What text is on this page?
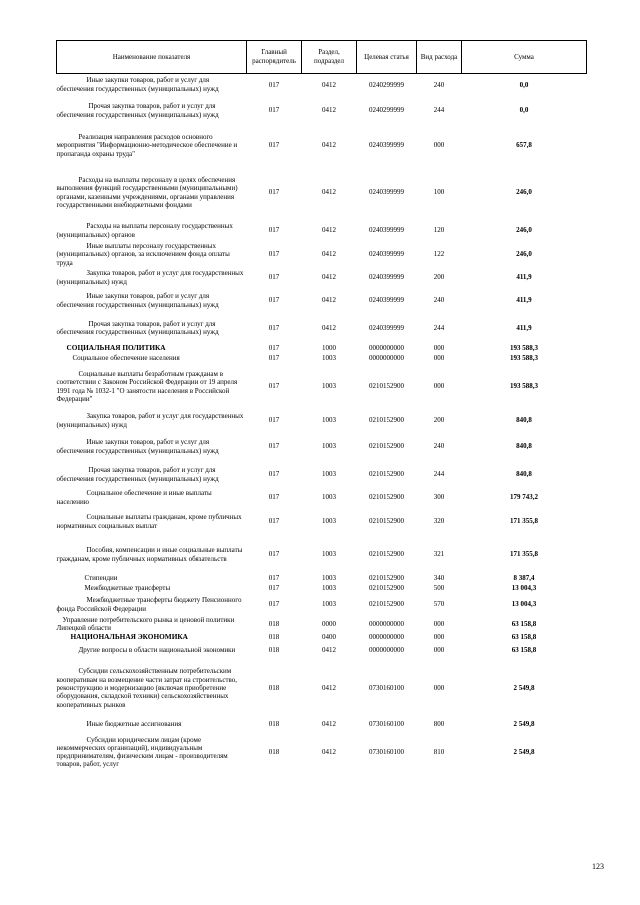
Наименование показателя	Главный распорядитель	Раздел, подраздел	Целевая статья	Вид расхода	Сумма

Иные закупки товаров, работ и услуг для обеспечения государственных (муниципальных) нужд	017	0412	0240299999	240	0,0

Прочая закупка товаров, работ и услуг для обеспечения государственных (муниципальных) нужд	017	0412	0240299999	244	0,0

Реализация направления расходов основного мероприятия "Информационно-методическое обеспечение и пропаганда охраны труда"	017	0412	0240399999	000	657,8

Расходы на выплаты персоналу в целях обеспечения выполнения функций государственными (муниципальными) органами, казенными учреждениями, органами управления государственными внебюджетными фондами	017	0412	0240399999	100	246,0

Расходы на выплаты персоналу государственных (муниципальных) органов	017	0412	0240399999	120	246,0

Иные выплаты персоналу государственных (муниципальных) органов, за исключением фонда оплаты труда	017	0412	0240399999	122	246,0

Закупка товаров, работ и услуг для государственных (муниципальных) нужд	017	0412	0240399999	200	411,9

Иные закупки товаров, работ и услуг для обеспечения государственных (муниципальных) нужд	017	0412	0240399999	240	411,9

Прочая закупка товаров, работ и услуг для обеспечения государственных (муниципальных) нужд	017	0412	0240399999	244	411,9

СОЦИАЛЬНАЯ ПОЛИТИКА	017	1000	0000000000	000	193 588,3

Социальное обеспечение населения	017	1003	0000000000	000	193 588,3

Социальные выплаты безработным гражданам в соответствии с Законом Российской Федерации от 19 апреля 1991 года № 1032-1 "О занятости населения в Российской Федерации"	017	1003	0210152900	000	193 588,3

Закупка товаров, работ и услуг для государственных (муниципальных) нужд	017	1003	0210152900	200	840,8

Иные закупки товаров, работ и услуг для обеспечения государственных (муниципальных) нужд	017	1003	0210152900	240	840,8

Прочая закупка товаров, работ и услуг для обеспечения государственных (муниципальных) нужд	017	1003	0210152900	244	840,8

Социальное обеспечение и иные выплаты населению	017	1003	0210152900	300	179 743,2

Социальные выплаты гражданам, кроме публичных нормативных социальных выплат	017	1003	0210152900	320	171 355,8

Пособия, компенсации и иные социальные выплаты гражданам, кроме публичных нормативных обязательств	017	1003	0210152900	321	171 355,8

Стипендии	017	1003	0210152900	340	8 387,4

Межбюджетные трансферты	017	1003	0210152900	500	13 004,3

Межбюджетные трансферты бюджету Пенсионного фонда Российской Федерации	017	1003	0210152900	570	13 004,3

Управление потребительского рынка и ценовой политики Липецкой области	018	0000	0000000000	000	63 158,8

НАЦИОНАЛЬНАЯ ЭКОНОМИКА	018	0400	0000000000	000	63 158,8

Другие вопросы в области национальной экономики	018	0412	0000000000	000	63 158,8

Субсидии сельскохозяйственным потребительским кооперативам на возмещение части затрат на строительство, реконструкцию и модернизацию (включая приобретение оборудования, складской техники) сельскохозяйственных кооперативных рынков	018	0412	0730160100	000	2 549,8

Иные бюджетные ассигнования	018	0412	0730160100	800	2 549,8

Субсидии юридическим лицам (кроме некоммерческих организаций), индивидуальным предпринимателям, физическим лицам - производителям товаров, работ, услуг	018	0412	0730160100	810	2 549,8
123
